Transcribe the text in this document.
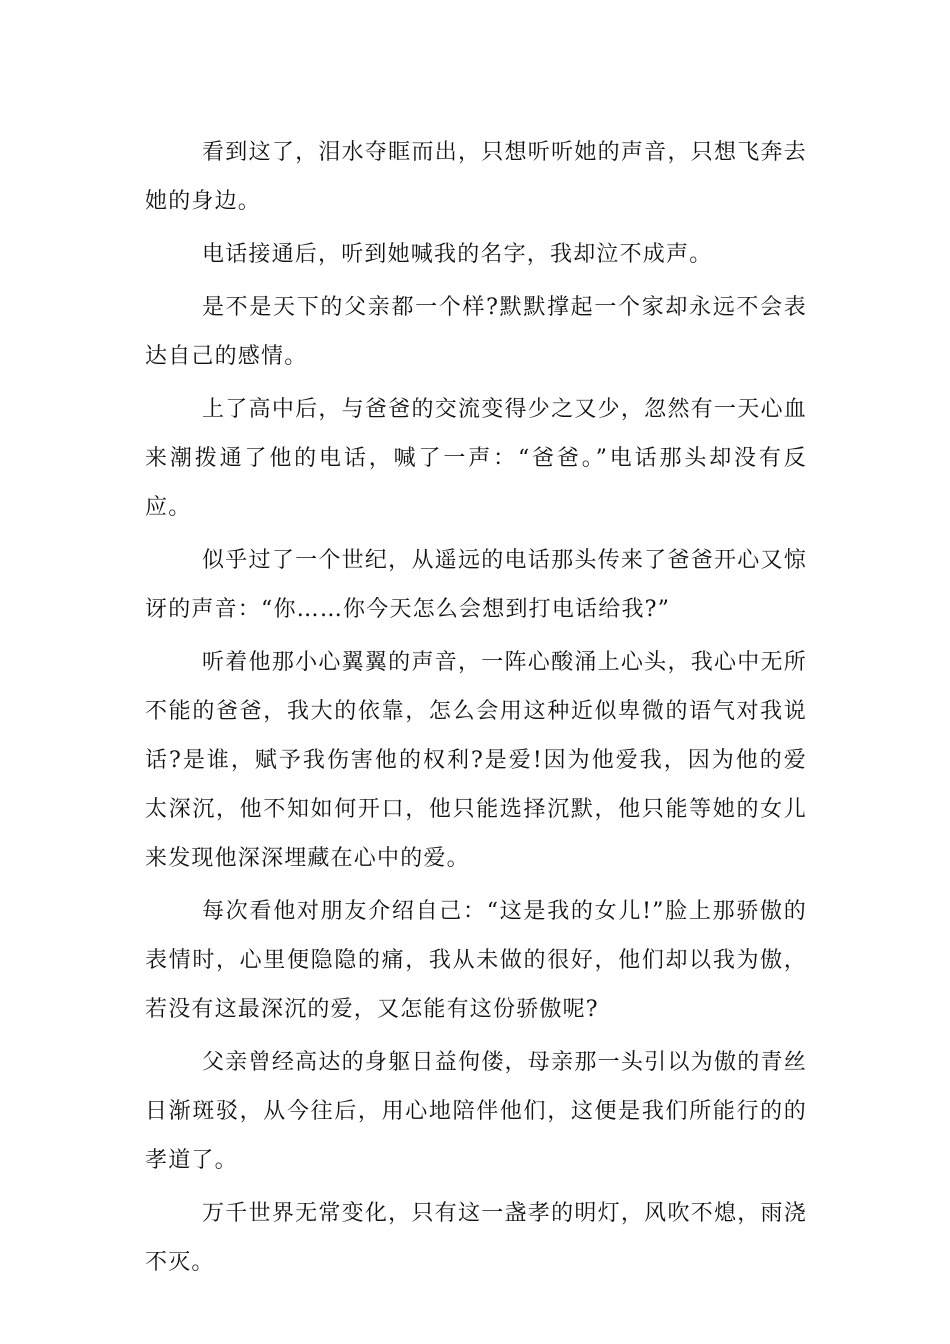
看到这了，泪水夺眶而出，只想听听她的声音，只想飞奔去她的身边。

电话接通后，听到她喊我的名字，我却泣不成声。

是不是天下的父亲都一个样?默默撑起一个家却永远不会表达自己的感情。

上了高中后，与爸爸的交流变得少之又少，忽然有一天心血来潮拨通了他的电话，喊了一声：“爸爸。”电话那头却没有反应。

似乎过了一个世纪，从遥远的电话那头传来了爸爸开心又惊讶的声音：“你……你今天怎么会想到打电话给我?”

听着他那小心翼翼的声音，一阵心酸涌上心头，我心中无所不能的爸爸，我大的依靠，怎么会用这种近似卑微的语气对我说话?是谁，赋予我伤害他的权利?是爱!因为他爱我，因为他的爱太深沉，他不知如何开口，他只能选择沉默，他只能等她的女儿来发现他深深埋藏在心中的爱。

每次看他对朋友介绍自己：“这是我的女儿!”脸上那骄傲的表情时，心里便隐隐的痛，我从未做的很好，他们却以我为傲，若没有这最深沉的爱，又怎能有这份骄傲呢?

父亲曾经高达的身躯日益佝偻，母亲那一头引以为傲的青丝日渐斑驳，从今往后，用心地陪伴他们，这便是我们所能行的的孝道了。

万千世界无常变化，只有这一盏孝的明灯，风吹不熄，雨浇不灭。
